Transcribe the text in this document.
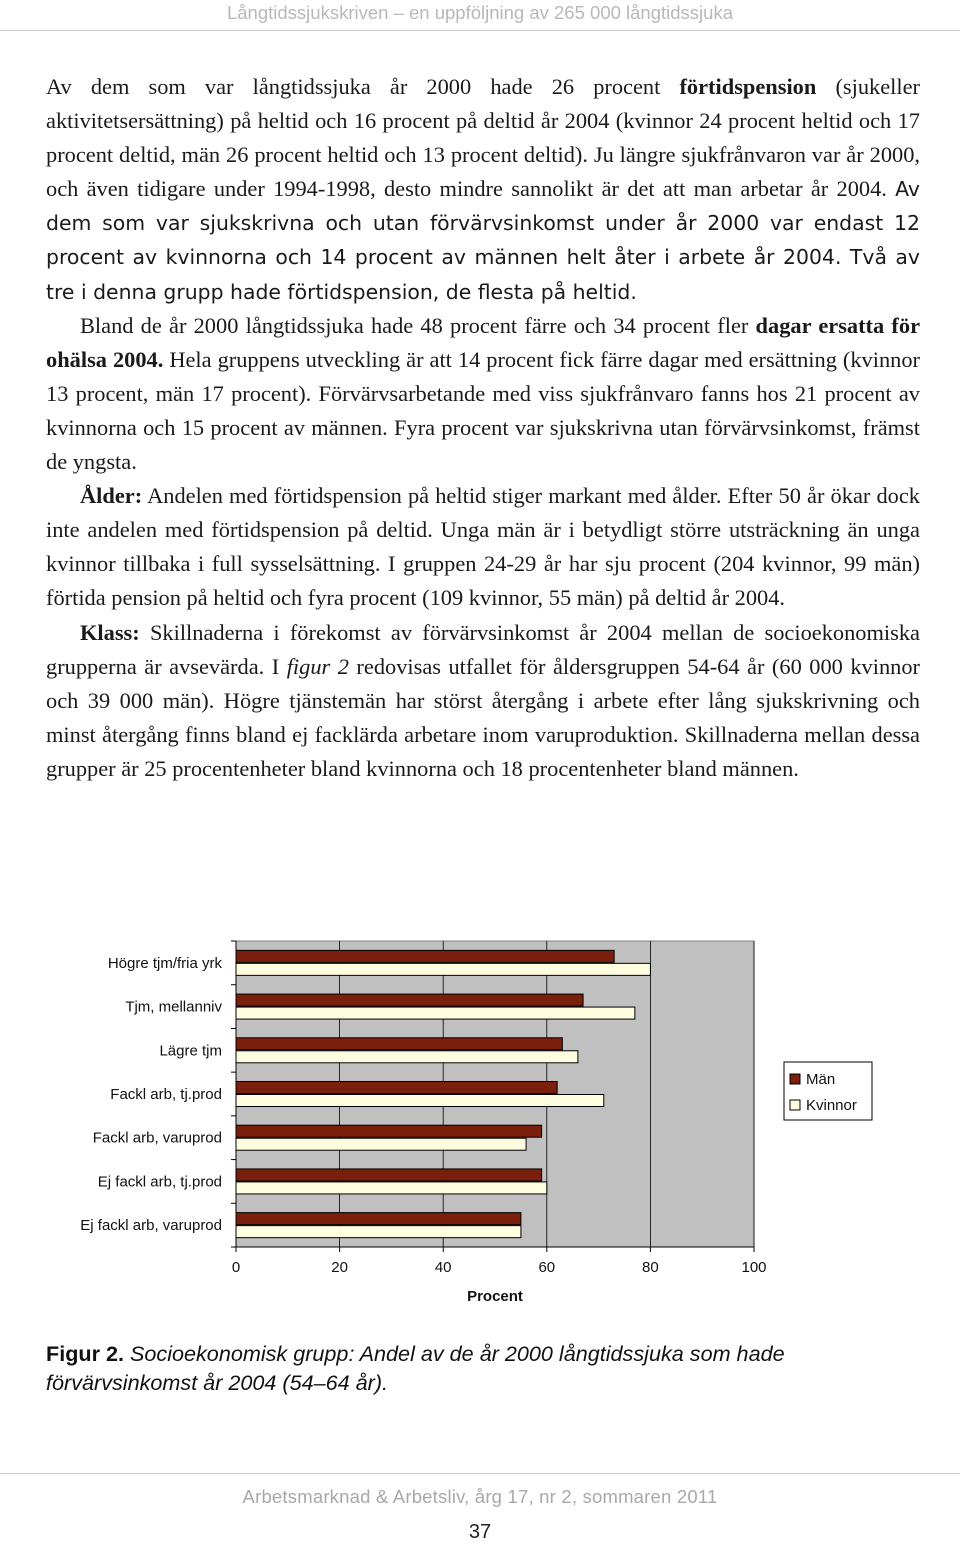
Långtidssjukskriven – en uppföljning av 265 000 långtidssjuka

Av dem som var långtidssjuka år 2000 hade 26 procent förtidspension (sjukeller aktivitetsersättning) på heltid och 16 procent på deltid år 2004 (kvinnor 24 procent heltid och 17 procent deltid, män 26 procent heltid och 13 procent deltid). Ju längre sjukfrånvaron var år 2000, och även tidigare under 1994-1998, desto mindre sannolikt är det att man arbetar år 2004. Av dem som var sjukskrivna och utan förvärvsinkomst under år 2000 var endast 12 procent av kvinnorna och 14 procent av männen helt åter i arbete år 2004. Två av tre i denna grupp hade förtidspension, de flesta på heltid.

Bland de år 2000 långtidssjuka hade 48 procent färre och 34 procent fler dagar ersatta för ohälsa 2004. Hela gruppens utveckling är att 14 procent fick färre dagar med ersättning (kvinnor 13 procent, män 17 procent). Förvärvsarbetande med viss sjukfrånvaro fanns hos 21 procent av kvinnorna och 15 procent av männen. Fyra procent var sjukskrivna utan förvärvsinkomst, främst de yngsta.

Ålder: Andelen med förtidspension på heltid stiger markant med ålder. Efter 50 år ökar dock inte andelen med förtidspension på deltid. Unga män är i betydligt större utsträckning än unga kvinnor tillbaka i full sysselsättning. I gruppen 24-29 år har sju procent (204 kvinnor, 99 män) förtida pension på heltid och fyra procent (109 kvinnor, 55 män) på deltid år 2004.

Klass: Skillnaderna i förekomst av förvärvsinkomst år 2004 mellan de socioekonomiska grupperna är avsevärda. I figur 2 redovisas utfallet för åldersgruppen 54-64 år (60 000 kvinnor och 39 000 män). Högre tjänstemän har störst återgång i arbete efter lång sjukskrivning och minst återgång finns bland ej facklärda arbetare inom varuproduktion. Skillnaderna mellan dessa grupper är 25 procentenheter bland kvinnorna och 18 procentenheter bland männen.

0	20	40	60	80	100
Högre tjm/fria yrk
Tjm, mellanniv
Lägre tjm
Fackl arb, tj.prod
Fackl arb, varuprod
Ej fackl arb, tj.prod
Ej fackl arb, varuprod
Procent
Män
Kvinnor
Figur 2. Socioekonomisk grupp: Andel av de år 2000 långtidssjuka som hade förvärvsinkomst år 2004 (54–64 år).
Arbetsmarknad & Arbetsliv, årg 17, nr 2, sommaren 2011
37
